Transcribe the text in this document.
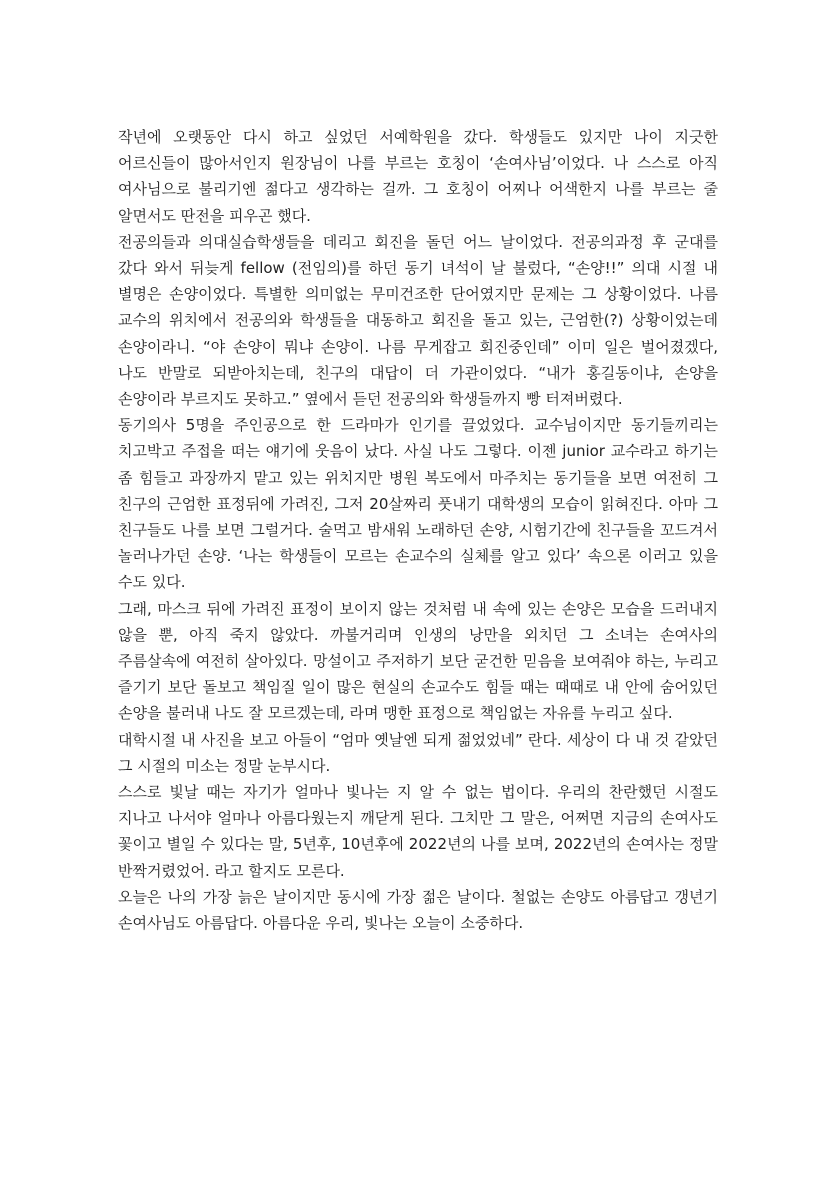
작년에 오랫동안 다시 하고 싶었던 서예학원을 갔다. 학생들도 있지만 나이 지긋한 어르신들이 많아서인지 원장님이 나를 부르는 호칭이 ‘손여사님’이었다. 나 스스로 아직 여사님으로 불리기엔 젊다고 생각하는 걸까. 그 호칭이 어찌나 어색한지 나를 부르는 줄 알면서도 딴전을 피우곤 했다.

전공의들과 의대실습학생들을 데리고 회진을 돌던 어느 날이었다. 전공의과정 후 군대를 갔다 와서 뒤늦게 fellow (전임의)를 하던 동기 녀석이 날 불렀다, “손양!!” 의대 시절 내 별명은 손양이었다. 특별한 의미없는 무미건조한 단어였지만 문제는 그 상황이었다. 나름 교수의 위치에서 전공의와 학생들을 대동하고 회진을 돌고 있는, 근엄한(?) 상황이었는데 손양이라니. “야 손양이 뭐냐 손양이. 나름 무게잡고 회진중인데” 이미 일은 벌어졌겠다, 나도 반말로 되받아치는데, 친구의 대답이 더 가관이었다. “내가 홍길동이냐, 손양을 손양이라 부르지도 못하고.” 옆에서 듣던 전공의와 학생들까지 빵 터져버렸다.

동기의사 5명을 주인공으로 한 드라마가 인기를 끌었었다. 교수님이지만 동기들끼리는 치고박고 주접을 떠는 얘기에 웃음이 났다. 사실 나도 그렇다. 이젠 junior 교수라고 하기는 좀 힘들고 과장까지 맡고 있는 위치지만 병원 복도에서 마주치는 동기들을 보면 여전히 그 친구의 근엄한 표정뒤에 가려진, 그저 20살짜리 풋내기 대학생의 모습이 읽혀진다. 아마 그 친구들도 나를 보면 그럴거다. 술먹고 밤새워 노래하던 손양, 시험기간에 친구들을 꼬드겨서 놀러나가던 손양. ‘나는 학생들이 모르는 손교수의 실체를 알고 있다’ 속으론 이러고 있을 수도 있다.

그래, 마스크 뒤에 가려진 표정이 보이지 않는 것처럼 내 속에 있는 손양은 모습을 드러내지 않을 뿐, 아직 죽지 않았다. 까불거리며 인생의 낭만을 외치던 그 소녀는 손여사의 주름살속에 여전히 살아있다. 망설이고 주저하기 보단 굳건한 믿음을 보여줘야 하는, 누리고 즐기기 보단 돌보고 책임질 일이 많은 현실의 손교수도 힘들 때는 때때로 내 안에 숨어있던 손양을 불러내 나도 잘 모르겠는데, 라며 맹한 표정으로 책임없는 자유를 누리고 싶다.

대학시절 내 사진을 보고 아들이 “엄마 옛날엔 되게 젊었었네” 란다. 세상이 다 내 것 같았던 그 시절의 미소는 정말 눈부시다.

스스로 빛날 때는 자기가 얼마나 빛나는 지 알 수 없는 법이다. 우리의 찬란했던 시절도 지나고 나서야 얼마나 아름다웠는지 깨닫게 된다. 그치만 그 말은, 어쩌면 지금의 손여사도 꽃이고 별일 수 있다는 말, 5년후, 10년후에 2022년의 나를 보며, 2022년의 손여사는 정말 반짝거렸었어. 라고 할지도 모른다.

오늘은 나의 가장 늙은 날이지만 동시에 가장 젊은 날이다. 철없는 손양도 아름답고 갱년기 손여사님도 아름답다. 아름다운 우리, 빛나는 오늘이 소중하다.
